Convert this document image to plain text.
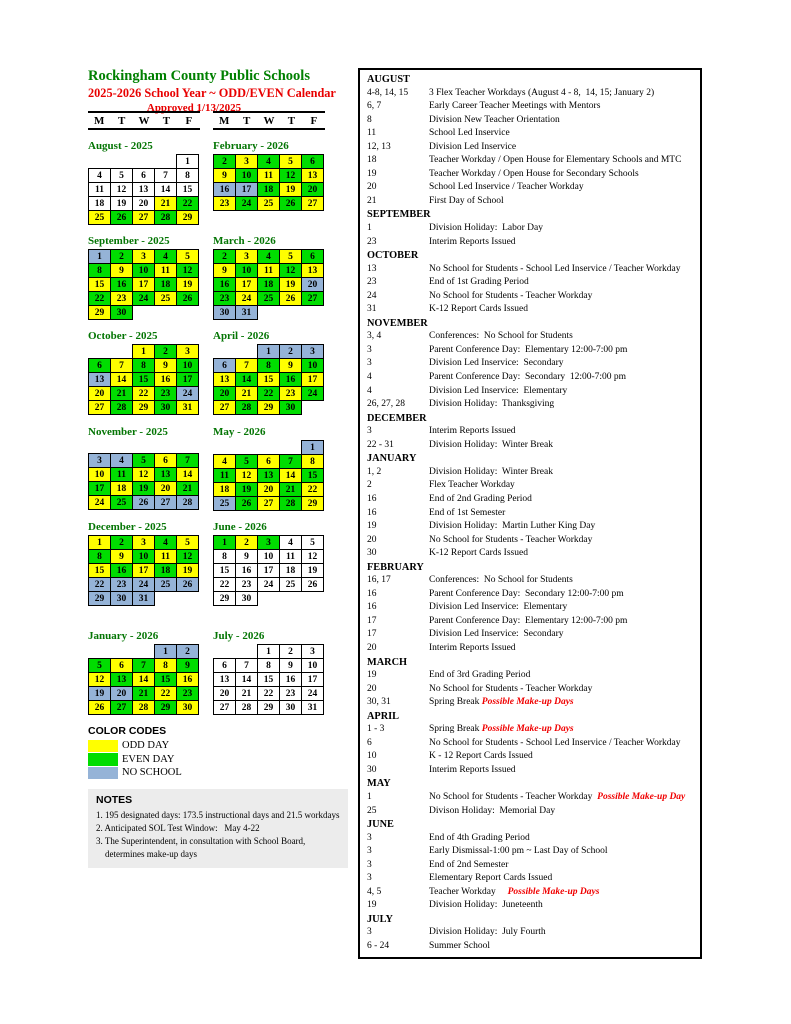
Rockingham County Public Schools
2025-2026 School Year ~ ODD/EVEN Calendar
Approved 1/13/2025
M	T	W	T	F	M	T	W	T	F
August - 2025
				1
4	5	6	7	8
11	12	13	14	15
18	19	20	21	22
25	26	27	28	29
February - 2026
2	3	4	5	6
9	10	11	12	13
16	17	18	19	20
23	24	25	26	27
September - 2025
1	2	3	4	5
8	9	10	11	12
15	16	17	18	19
22	23	24	25	26
29	30			
March - 2026
2	3	4	5	6
9	10	11	12	13
16	17	18	19	20
23	24	25	26	27
30	31			
October - 2025
		1	2	3
6	7	8	9	10
13	14	15	16	17
20	21	22	23	24
27	28	29	30	31
April - 2026
		1	2	3
6	7	8	9	10
13	14	15	16	17
20	21	22	23	24
27	28	29	30	
November - 2025

3	4	5	6	7
10	11	12	13	14
17	18	19	20	21
24	25	26	27	28
May - 2026
				1
4	5	6	7	8
11	12	13	14	15
18	19	20	21	22
25	26	27	28	29
December - 2025
1	2	3	4	5
8	9	10	11	12
15	16	17	18	19
22	23	24	25	26
29	30	31		
June - 2026
1	2	3	4	5
8	9	10	11	12
15	16	17	18	19
22	23	24	25	26
29	30			
January - 2026
			1	2
5	6	7	8	9
12	13	14	15	16
19	20	21	22	23
26	27	28	29	30
July - 2026
		1	2	3
6	7	8	9	10
13	14	15	16	17
20	21	22	23	24
27	28	29	30	31
COLOR CODES
ODD DAY
EVEN DAY
NO SCHOOL
NOTES
1. 195 designated days: 173.5 instructional days and 21.5 workdays
2. Anticipated SOL Test Window:   May 4-22
3. The Superintendent, in consultation with School Board,
determines make-up days
AUGUST
4-8, 14, 15	3 Flex Teacher Workdays (August 4 - 8,  14, 15; January 2)
6, 7	Early Career Teacher Meetings with Mentors
8	Division New Teacher Orientation
11	School Led Inservice
12, 13	Division Led Inservice
18	Teacher Workday / Open House for Elementary Schools and MTC
19	Teacher Workday / Open House for Secondary Schools
20	School Led Inservice / Teacher Workday
21	First Day of School
SEPTEMBER
1	Division Holiday:  Labor Day
23	Interim Reports Issued
OCTOBER
13	No School for Students - School Led Inservice / Teacher Workday
23	End of 1st Grading Period
24	No School for Students - Teacher Workday
31	K-12 Report Cards Issued
NOVEMBER
3, 4	Conferences:  No School for Students
3	Parent Conference Day:  Elementary 12:00-7:00 pm
3	Division Led Inservice:  Secondary
4	Parent Conference Day:  Secondary  12:00-7:00 pm
4	Division Led Inservice:  Elementary
26, 27, 28	Division Holiday:  Thanksgiving
DECEMBER
3	Interim Reports Issued
22 - 31	Division Holiday:  Winter Break
JANUARY
1, 2	Division Holiday:  Winter Break
2	Flex Teacher Workday
16	End of 2nd Grading Period
16	End of 1st Semester
19	Division Holiday:  Martin Luther King Day
20	No School for Students - Teacher Workday
30	K-12 Report Cards Issued
FEBRUARY
16, 17	Conferences:  No School for Students
16	Parent Conference Day:  Secondary 12:00-7:00 pm
16	Division Led Inservice:  Elementary
17	Parent Conference Day:  Elementary 12:00-7:00 pm
17	Division Led Inservice:  Secondary
20	Interim Reports Issued
MARCH
19	End of 3rd Grading Period
20	No School for Students - Teacher Workday
30, 31	Spring Break Possible Make-up Days
APRIL
1 - 3	Spring Break Possible Make-up Days
6	No School for Students - School Led Inservice / Teacher Workday
10	K - 12 Report Cards Issued
30	Interim Reports Issued
MAY
1	No School for Students - Teacher Workday  Possible Make-up Day
25	Divison Holiday:  Memorial Day
JUNE
3	End of 4th Grading Period
3	Early Dismissal-1:00 pm ~ Last Day of School
3	End of 2nd Semester
3	Elementary Report Cards Issued
4, 5	Teacher Workday     Possible Make-up Days
19	Division Holiday:  Juneteenth
JULY
3	Division Holiday:  July Fourth
6 - 24	Summer School
